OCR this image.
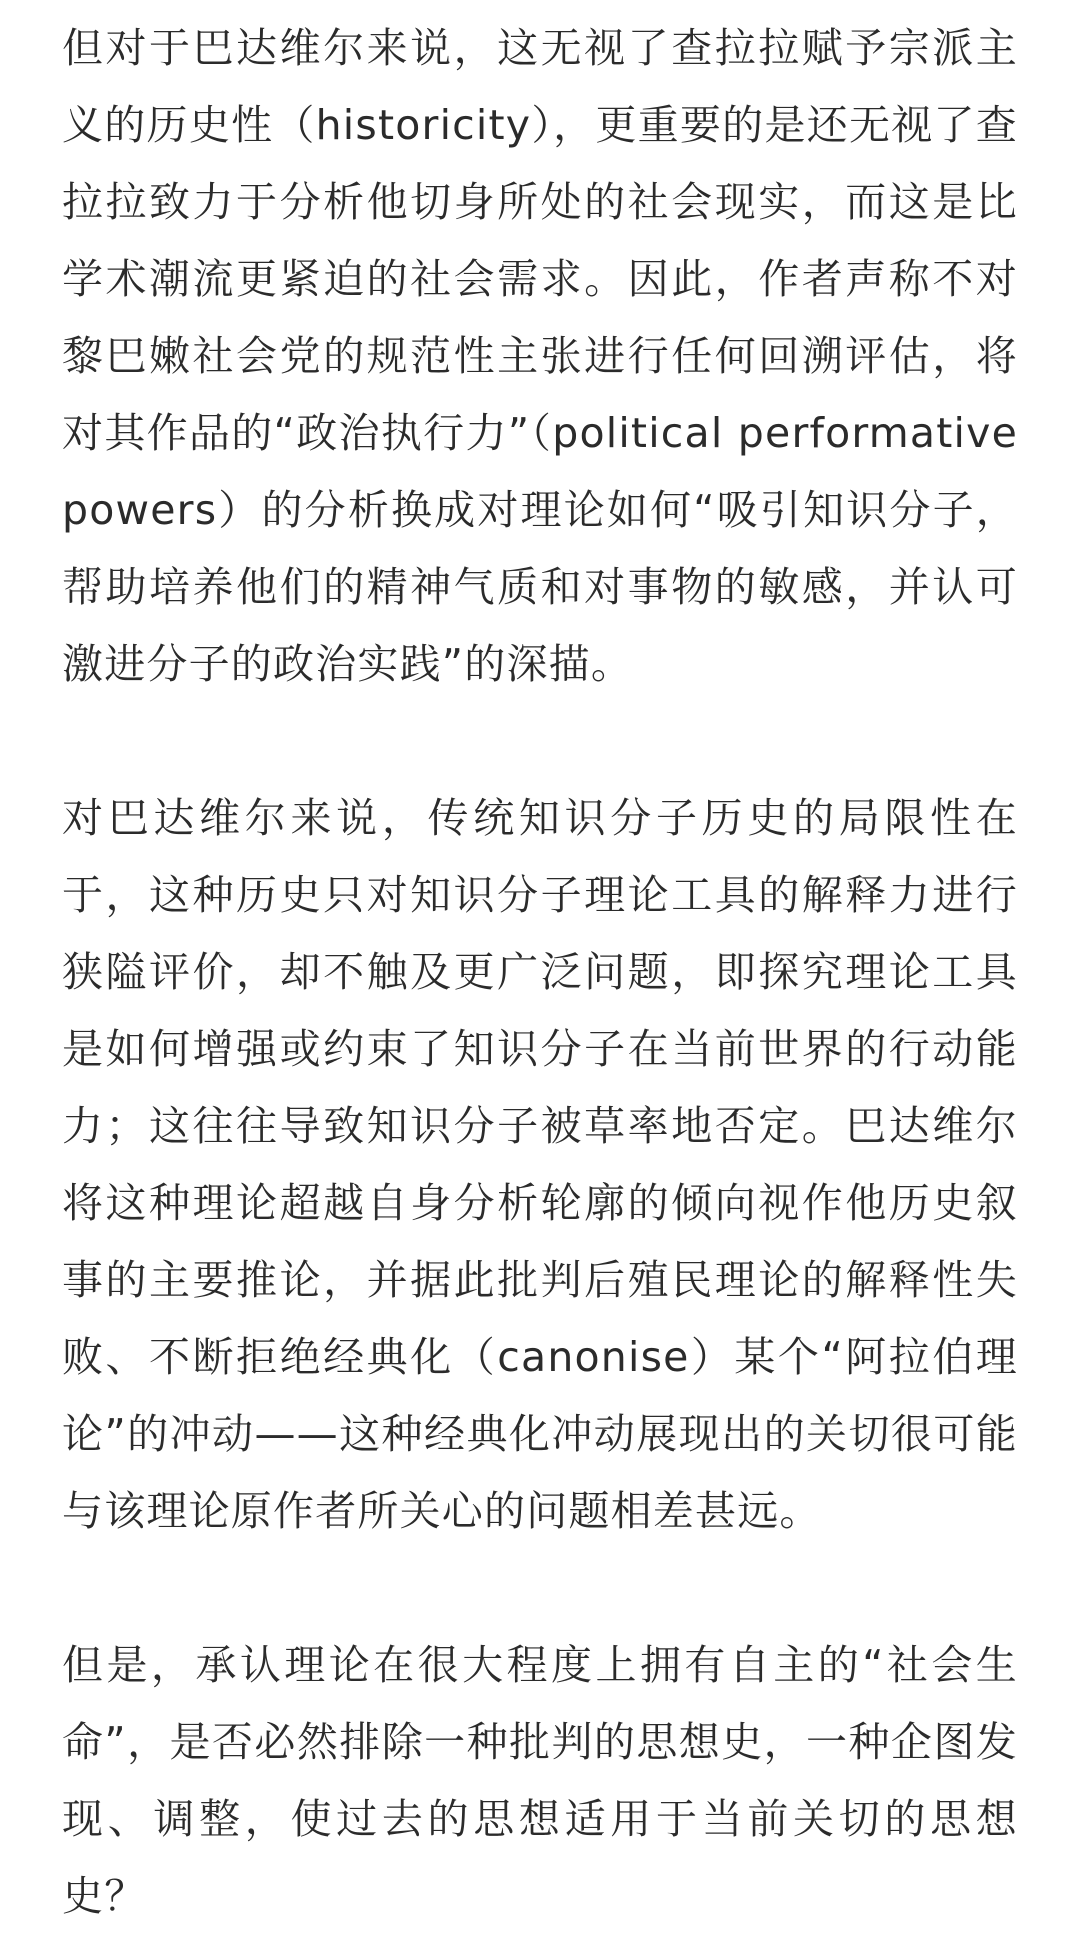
但对于巴达维尔来说，这无视了查拉拉赋予宗派主义的历史性（historicity），更重要的是还无视了查拉拉致力于分析他切身所处的社会现实，而这是比学术潮流更紧迫的社会需求。因此，作者声称不对黎巴嫩社会党的规范性主张进行任何回溯评估，将对其作品的“政治执行力”（political performative powers）的分析换成对理论如何“吸引知识分子，帮助培养他们的精神气质和对事物的敏感，并认可激进分子的政治实践”的深描。

对巴达维尔来说，传统知识分子历史的局限性在于，这种历史只对知识分子理论工具的解释力进行狭隘评价，却不触及更广泛问题，即探究理论工具是如何增强或约束了知识分子在当前世界的行动能力；这往往导致知识分子被草率地否定。巴达维尔将这种理论超越自身分析轮廓的倾向视作他历史叙事的主要推论，并据此批判后殖民理论的解释性失败、不断拒绝经典化（canonise）某个“阿拉伯理论”的冲动——这种经典化冲动展现出的关切很可能与该理论原作者所关心的问题相差甚远。

但是，承认理论在很大程度上拥有自主的“社会生命”，是否必然排除一种批判的思想史，一种企图发现、调整，使过去的思想适用于当前关切的思想史？
